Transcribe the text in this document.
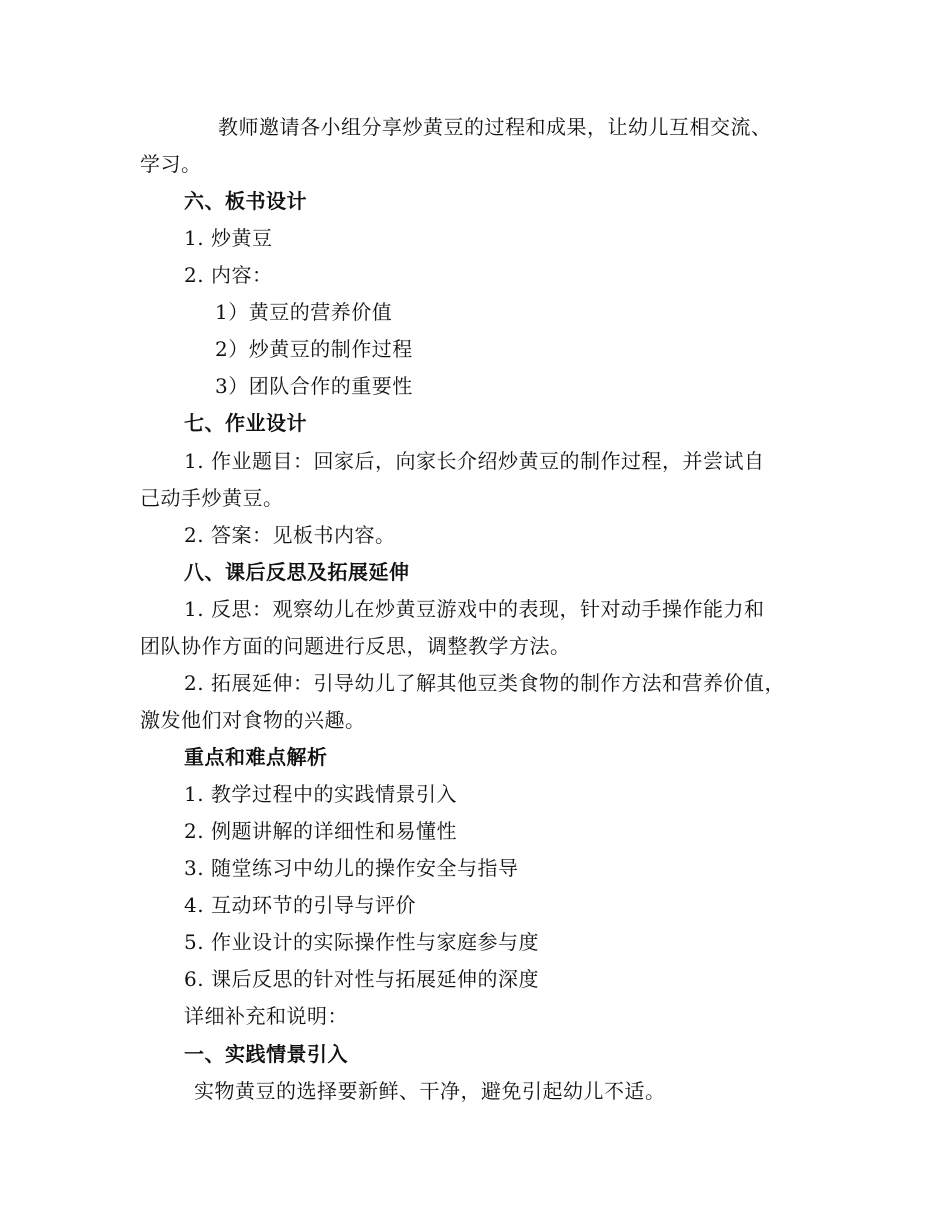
教师邀请各小组分享炒黄豆的过程和成果，让幼儿互相交流、
学习。
六、板书设计
1. 炒黄豆
2. 内容：
1）黄豆的营养价值
2）炒黄豆的制作过程
3）团队合作的重要性
七、作业设计
1. 作业题目：回家后，向家长介绍炒黄豆的制作过程，并尝试自
己动手炒黄豆。
2. 答案：见板书内容。
八、课后反思及拓展延伸
1. 反思：观察幼儿在炒黄豆游戏中的表现，针对动手操作能力和
团队协作方面的问题进行反思，调整教学方法。
2. 拓展延伸：引导幼儿了解其他豆类食物的制作方法和营养价值，
激发他们对食物的兴趣。
重点和难点解析
1. 教学过程中的实践情景引入
2. 例题讲解的详细性和易懂性
3. 随堂练习中幼儿的操作安全与指导
4. 互动环节的引导与评价
5. 作业设计的实际操作性与家庭参与度
6. 课后反思的针对性与拓展延伸的深度
详细补充和说明：
一、实践情景引入
实物黄豆的选择要新鲜、干净，避免引起幼儿不适。
